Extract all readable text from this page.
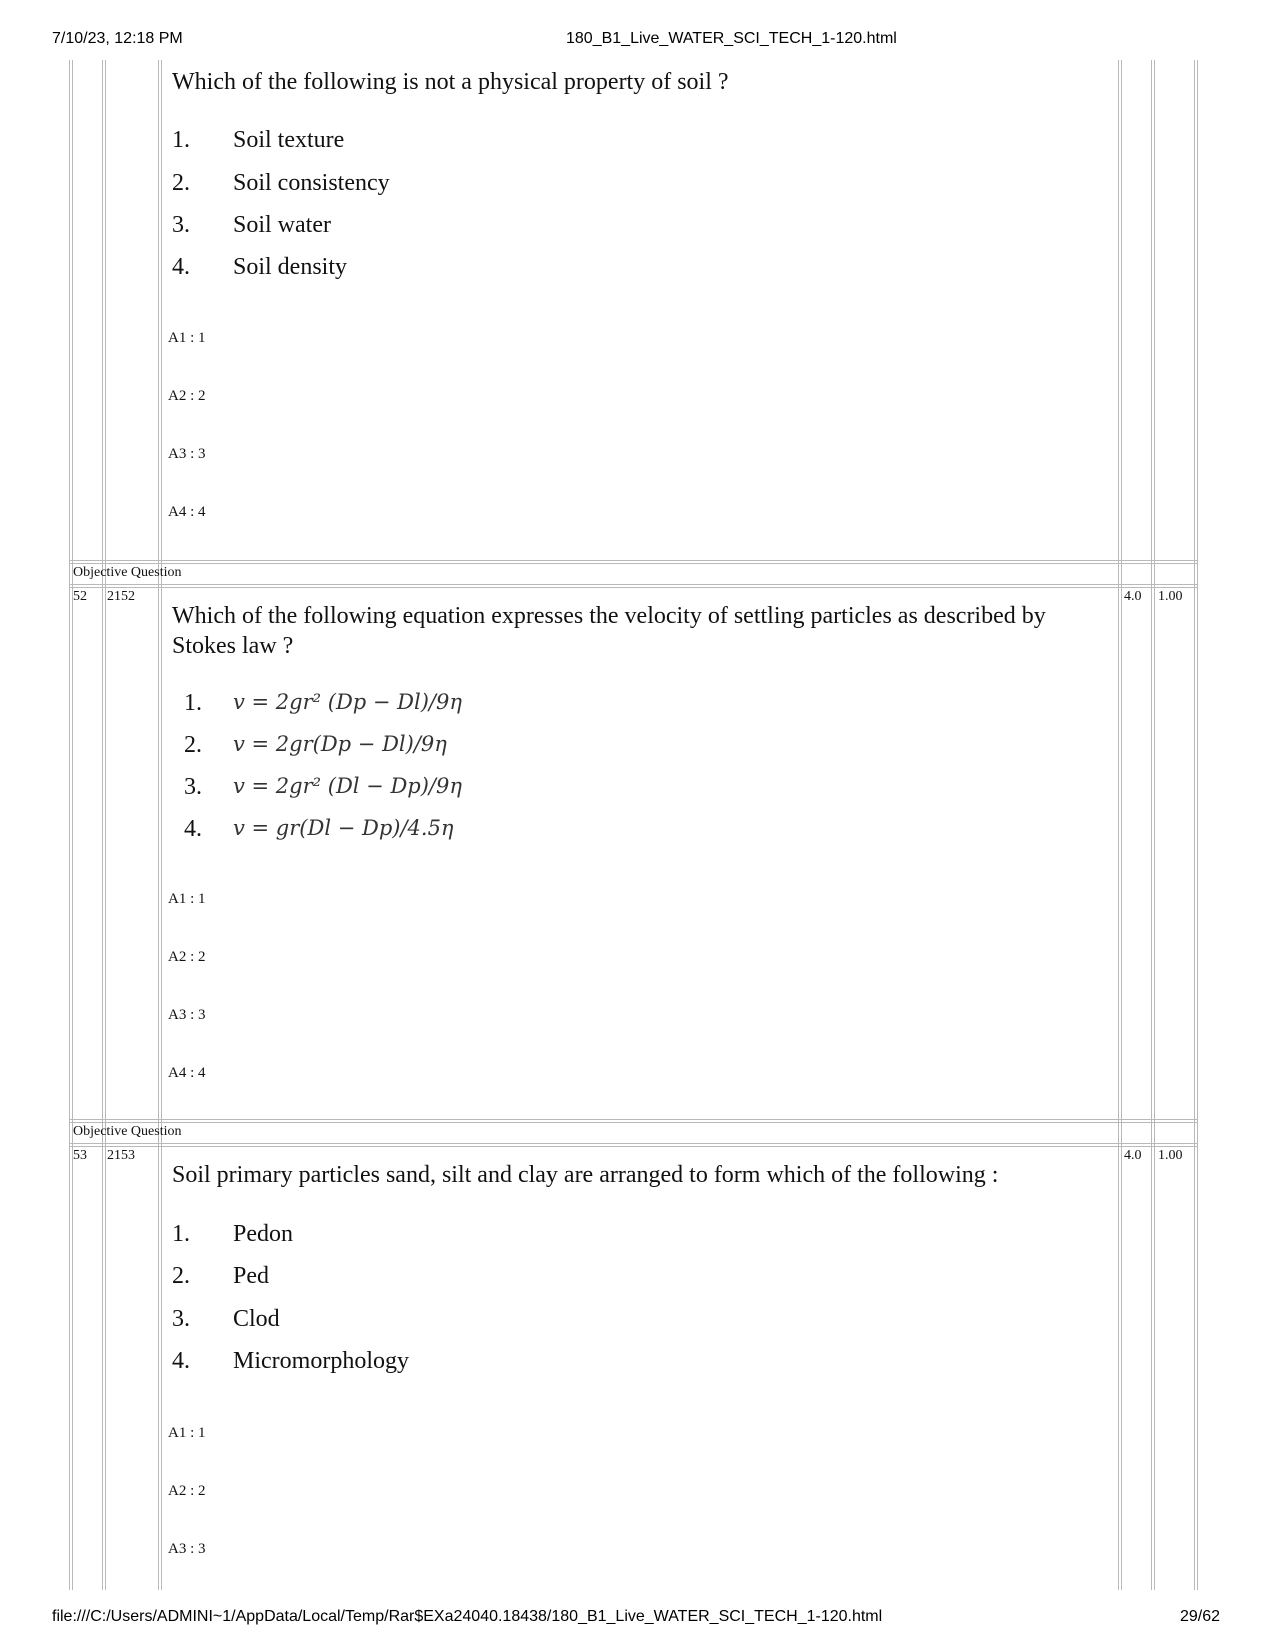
7/10/23, 12:18 PM	180_B1_Live_WATER_SCI_TECH_1-120.html
file:///C:/Users/ADMINI~1/AppData/Local/Temp/Rar$EXa24040.18438/180_B1_Live_WATER_SCI_TECH_1-120.html	29/62
Which of the following is not a physical property of soil ?
1. Soil texture
2. Soil consistency
3. Soil water
4. Soil density
A1 : 1
A2 : 2
A3 : 3
A4 : 4
Objective Question
52 2152	4.0 1.00
Which of the following equation expresses the velocity of settling particles as described by Stokes law ?
1. v = 2gr² (Dp − Dl)/9η
2. v = 2gr(Dp − Dl)/9η
3. v = 2gr² (Dl − Dp)/9η
4. v = gr(Dl − Dp)/4.5η
A1 : 1
A2 : 2
A3 : 3
A4 : 4
Objective Question
53 2153	4.0 1.00
Soil primary particles sand, silt and clay are arranged to form which of the following :
1. Pedon
2. Ped
3. Clod
4. Micromorphology
A1 : 1
A2 : 2
A3 : 3
